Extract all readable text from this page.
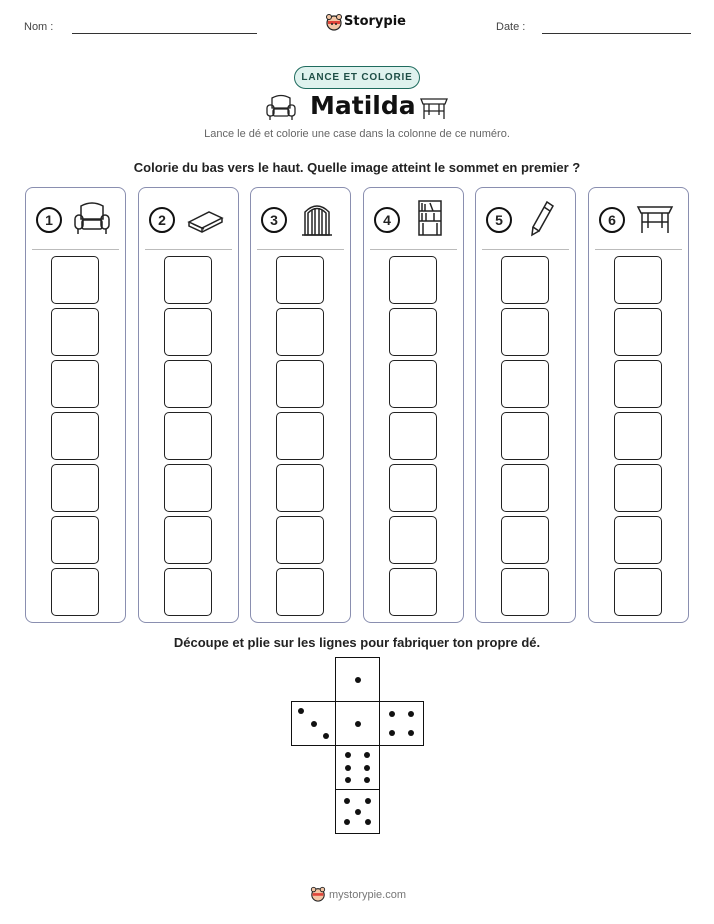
Nom :	Storypie	Date :
LANCE ET COLORIE
Matilda
Lance le dé et colorie une case dans la colonne de ce numéro.
Colorie du bas vers le haut. Quelle image atteint le sommet en premier ?
1	2	3	4	5	6
Découpe et plie sur les lignes pour fabriquer ton propre dé.
mystorypie.com
